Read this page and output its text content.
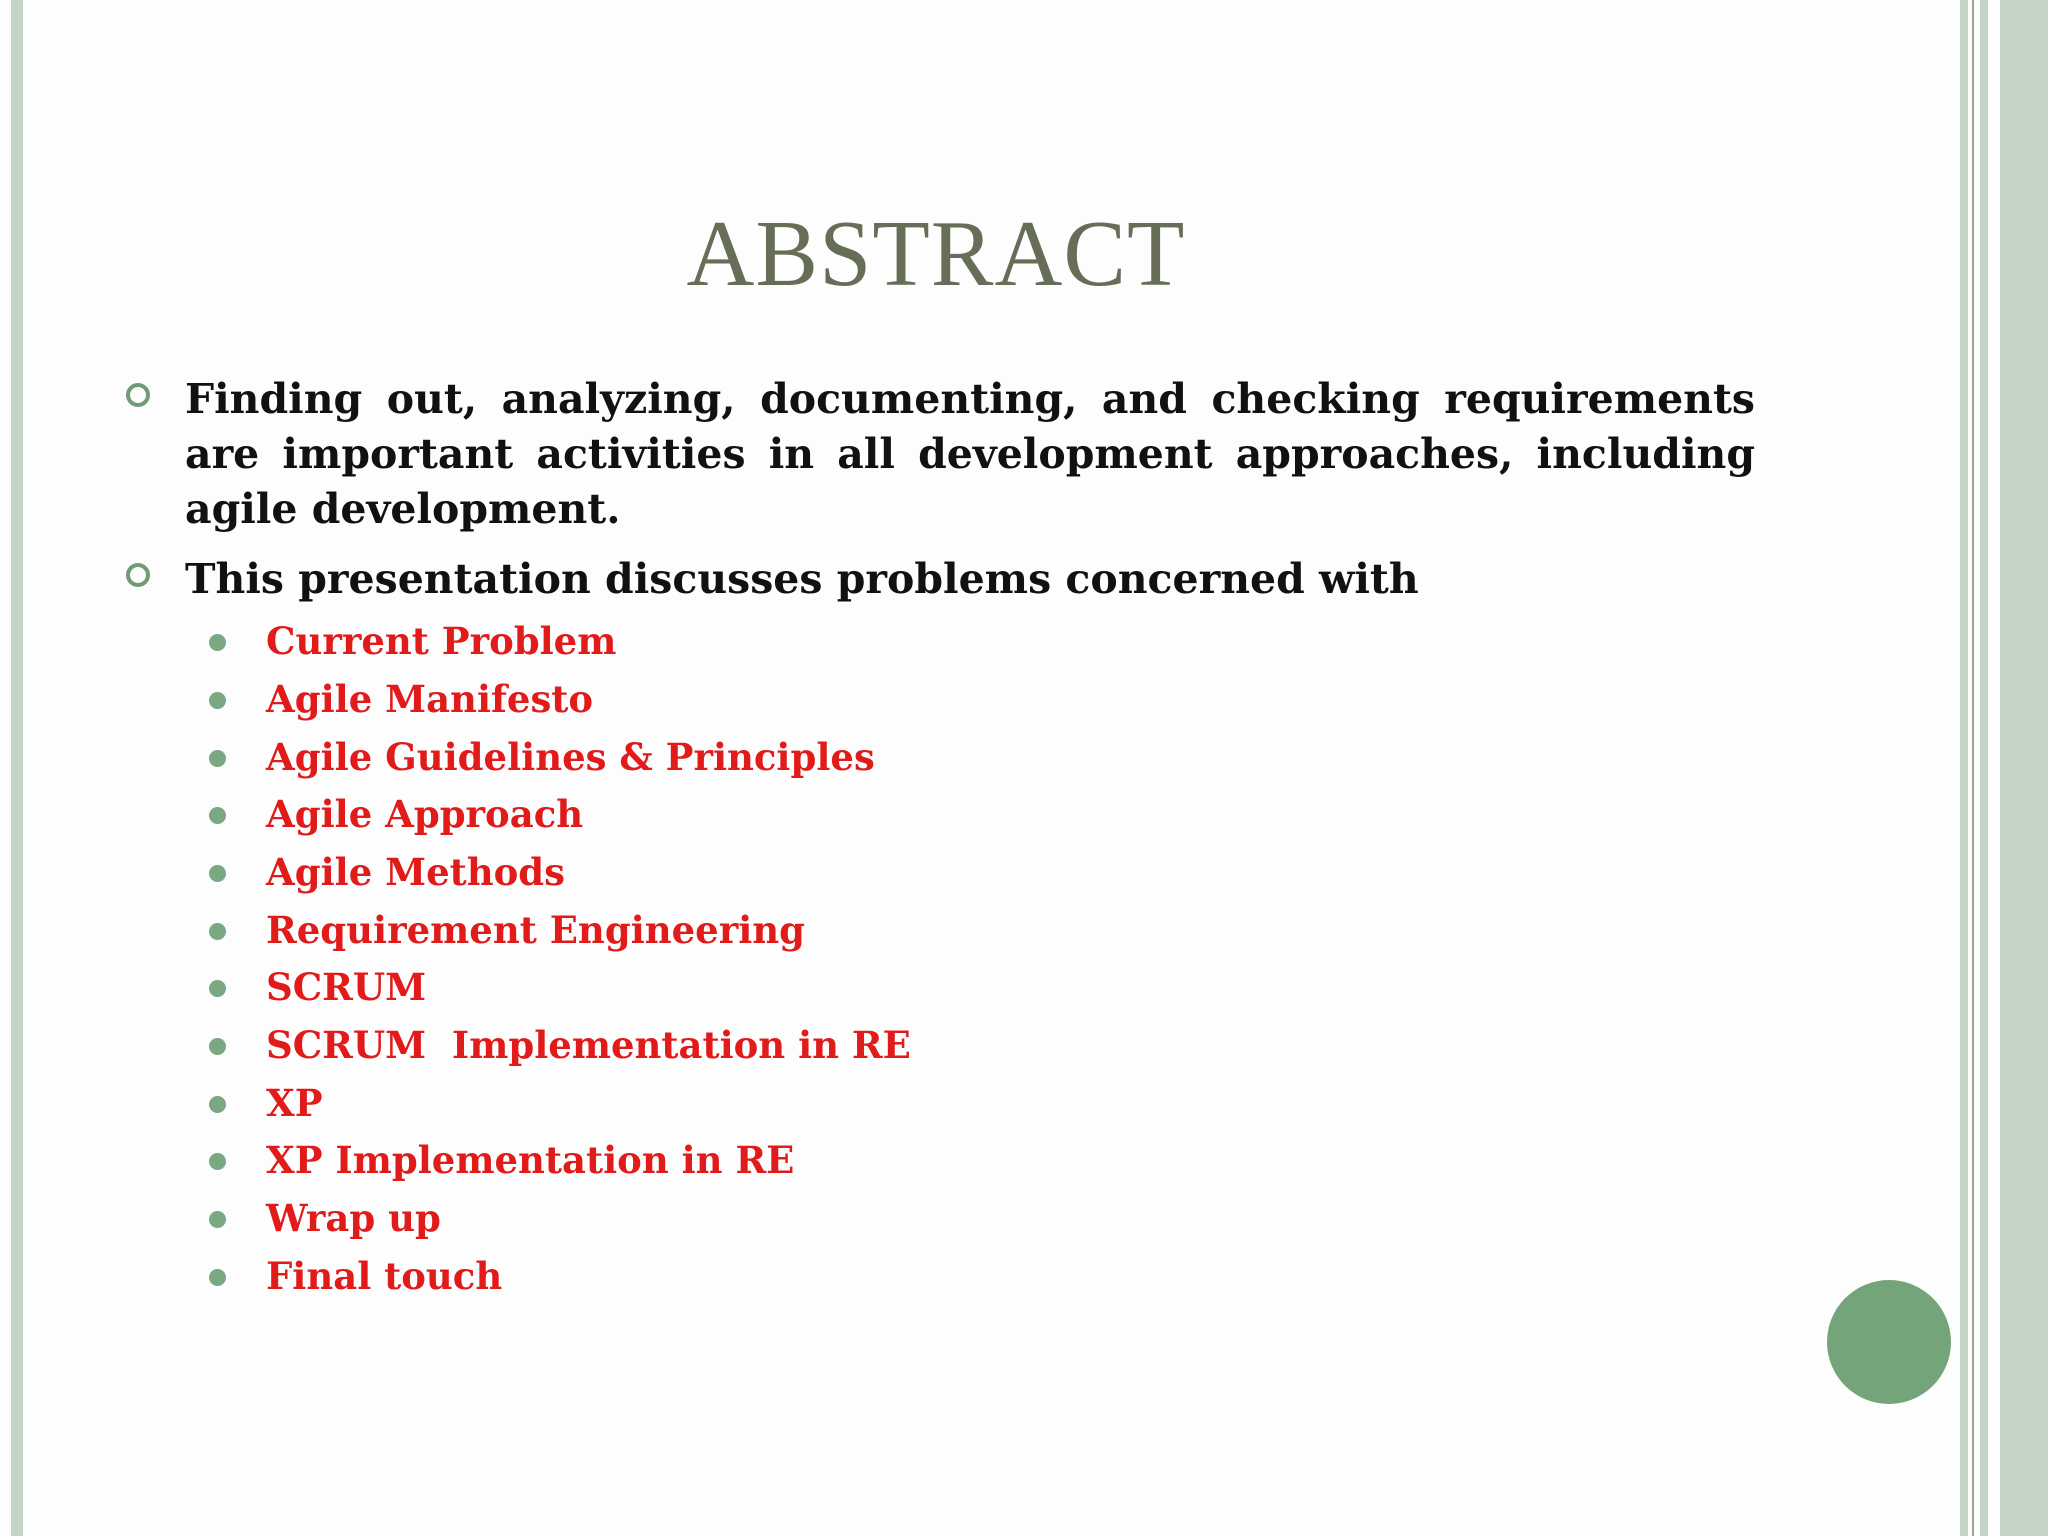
ABSTRACT
Finding out, analyzing, documenting, and checking requirements are important activities in all development approaches, including agile development.
This presentation discusses problems concerned with
Current Problem
Agile Manifesto
Agile Guidelines & Principles
Agile Approach
Agile Methods
Requirement Engineering
SCRUM
SCRUM  Implementation in RE
XP
XP Implementation in RE
Wrap up
Final touch
